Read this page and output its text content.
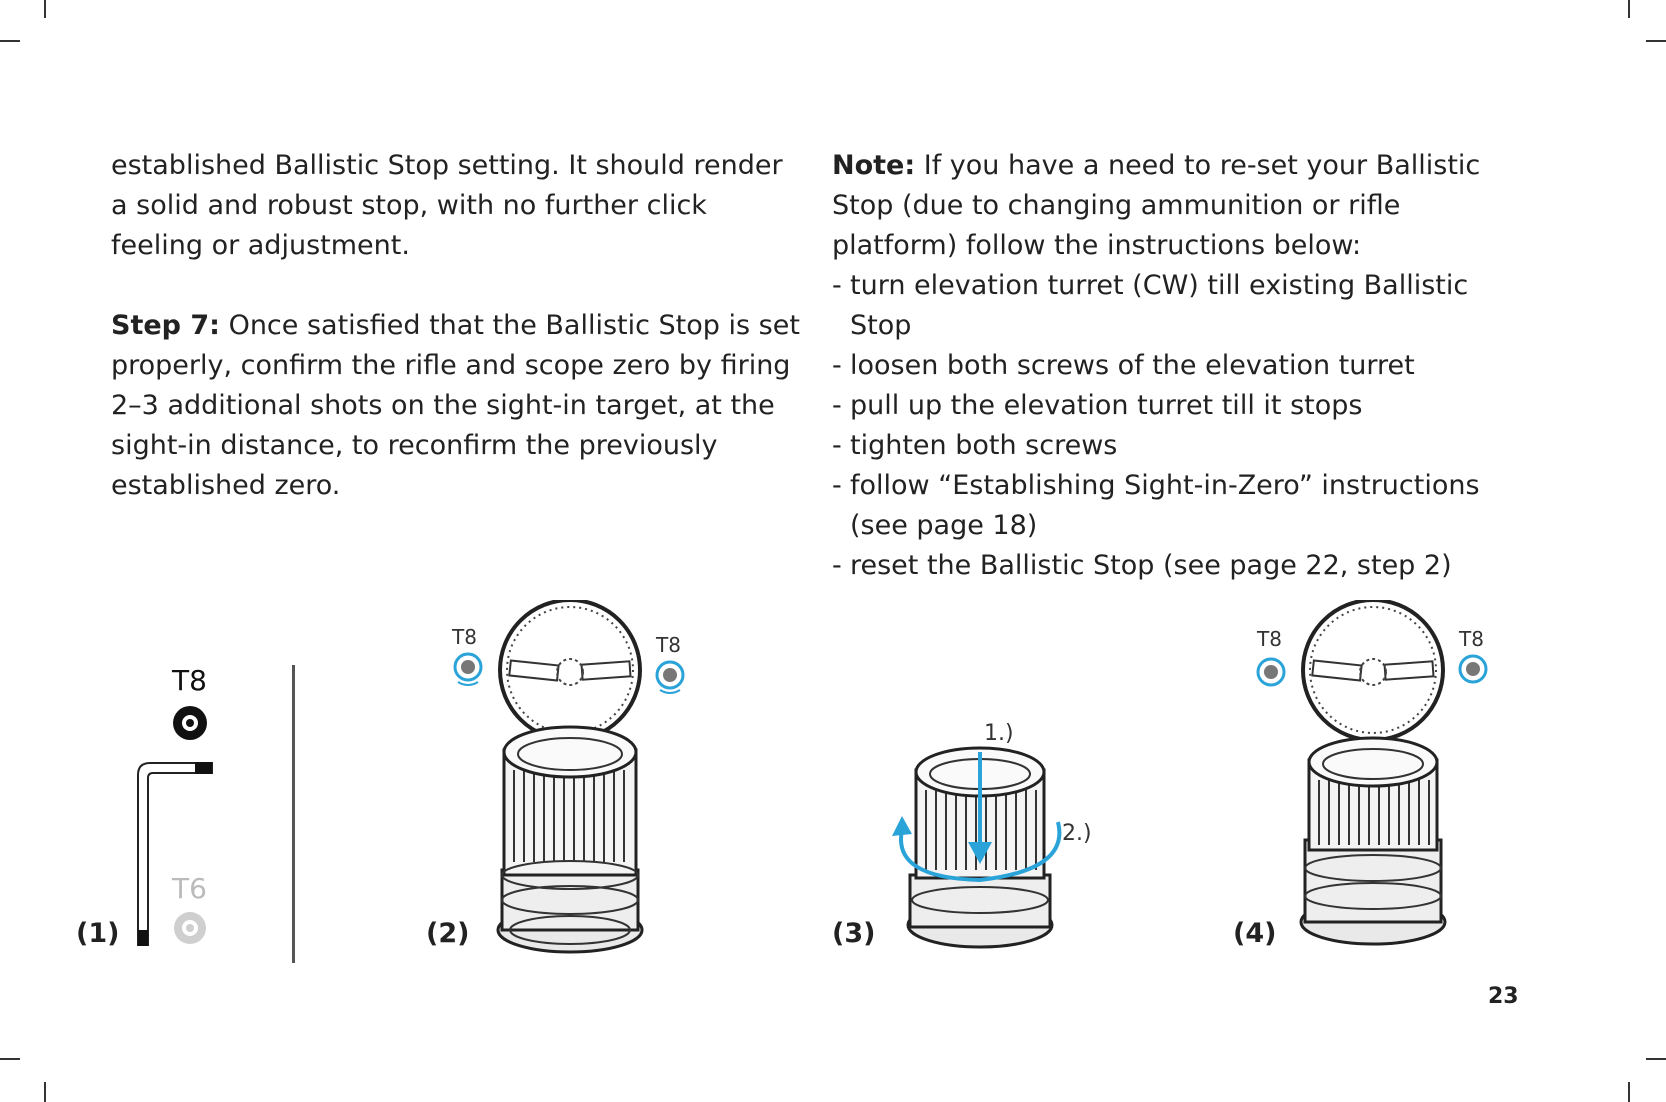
established Ballistic Stop setting. It should render a solid and robust stop, with no further click feeling or adjustment.

Step 7: Once satisfied that the Ballistic Stop is set properly, confirm the rifle and scope zero by firing 2–3 additional shots on the sight-in target, at the sight-in distance, to reconfirm the previously established zero.

Note: If you have a need to re-set your Ballistic Stop (due to changing ammunition or rifle platform) follow the instructions below:

- turn elevation turret (CW) till existing Ballistic Stop
- loosen both screws of the elevation turret
- pull up the elevation turret till it stops
- tighten both screws
- follow “Establishing Sight-in-Zero” instructions (see page 18)
- reset the Ballistic Stop (see page 22, step 2)
(1)	(2)	(3)	(4)
T8
T6
T8	T8
1.)
2.)
T8	T8
23
